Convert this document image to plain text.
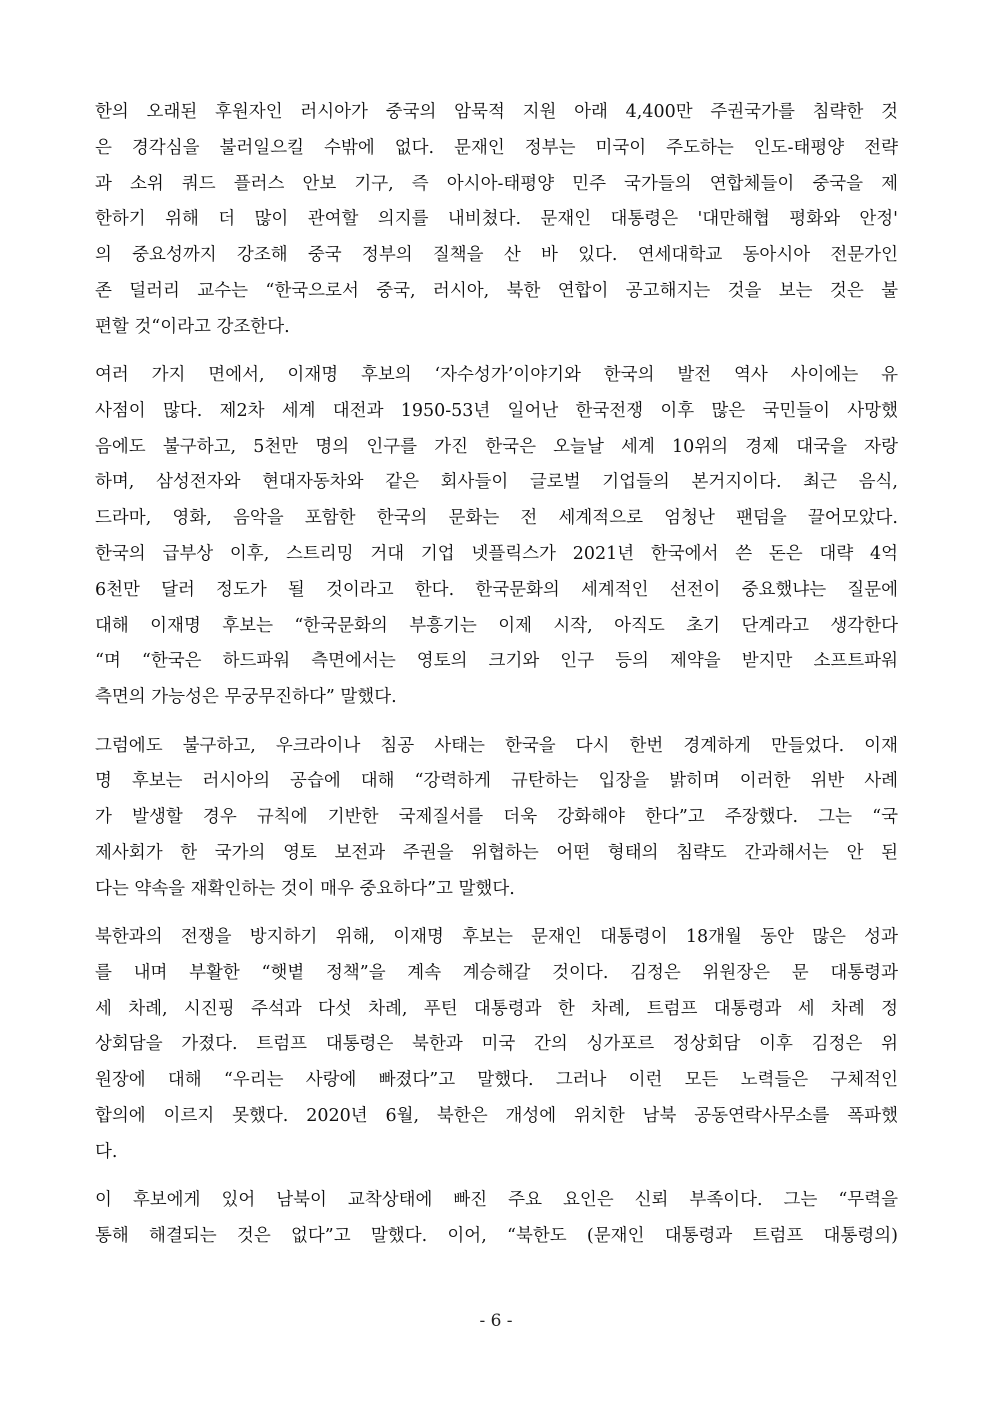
한의 오래된 후원자인 러시아가 중국의 암묵적 지원 아래 4,400만 주권국가를 침략한 것
은 경각심을 불러일으킬 수밖에 없다. 문재인 정부는 미국이 주도하는 인도-태평양 전략
과 소위 쿼드 플러스 안보 기구, 즉 아시아-태평양 민주 국가들의 연합체들이 중국을 제
한하기 위해 더 많이 관여할 의지를 내비쳤다. 문재인 대통령은 '대만해협 평화와 안정'
의 중요성까지 강조해 중국 정부의 질책을 산 바 있다. 연세대학교 동아시아 전문가인
존 덜러리 교수는 “한국으로서 중국, 러시아, 북한 연합이 공고해지는 것을 보는 것은 불
편할 것“이라고 강조한다.
여러 가지 면에서, 이재명 후보의 ‘자수성가’이야기와 한국의 발전 역사 사이에는 유
사점이 많다. 제2차 세계 대전과 1950-53년 일어난 한국전쟁 이후 많은 국민들이 사망했
음에도 불구하고, 5천만 명의 인구를 가진 한국은 오늘날 세계 10위의 경제 대국을 자랑
하며, 삼성전자와 현대자동차와 같은 회사들이 글로벌 기업들의 본거지이다. 최근 음식,
드라마, 영화, 음악을 포함한 한국의 문화는 전 세계적으로 엄청난 팬덤을 끌어모았다.
한국의 급부상 이후, 스트리밍 거대 기업 넷플릭스가 2021년 한국에서 쓴 돈은 대략 4억
6천만 달러 정도가 될 것이라고 한다. 한국문화의 세계적인 선전이 중요했냐는 질문에
대해 이재명 후보는 “한국문화의 부흥기는 이제 시작, 아직도 초기 단계라고 생각한다
“며 “한국은 하드파워 측면에서는 영토의 크기와 인구 등의 제약을 받지만 소프트파워
측면의 가능성은 무궁무진하다” 말했다.
그럼에도 불구하고, 우크라이나 침공 사태는 한국을 다시 한번 경계하게 만들었다. 이재
명 후보는 러시아의 공습에 대해 “강력하게 규탄하는 입장을 밝히며 이러한 위반 사례
가 발생할 경우 규칙에 기반한 국제질서를 더욱 강화해야 한다”고 주장했다. 그는 “국
제사회가 한 국가의 영토 보전과 주권을 위협하는 어떤 형태의 침략도 간과해서는 안 된
다는 약속을 재확인하는 것이 매우 중요하다”고 말했다.
북한과의 전쟁을 방지하기 위해, 이재명 후보는 문재인 대통령이 18개월 동안 많은 성과
를 내며 부활한 “햇볕 정책”을 계속 계승해갈 것이다. 김정은 위원장은 문 대통령과
세 차례, 시진핑 주석과 다섯 차례, 푸틴 대통령과 한 차례, 트럼프 대통령과 세 차례 정
상회담을 가졌다. 트럼프 대통령은 북한과 미국 간의 싱가포르 정상회담 이후 김정은 위
원장에 대해 “우리는 사랑에 빠졌다”고 말했다. 그러나 이런 모든 노력들은 구체적인
합의에 이르지 못했다. 2020년 6월, 북한은 개성에 위치한 남북 공동연락사무소를 폭파했
다.
이 후보에게 있어 남북이 교착상태에 빠진 주요 요인은 신뢰 부족이다. 그는 “무력을
통해 해결되는 것은 없다”고 말했다. 이어, “북한도 (문재인 대통령과 트럼프 대통령의)
- 6 -
